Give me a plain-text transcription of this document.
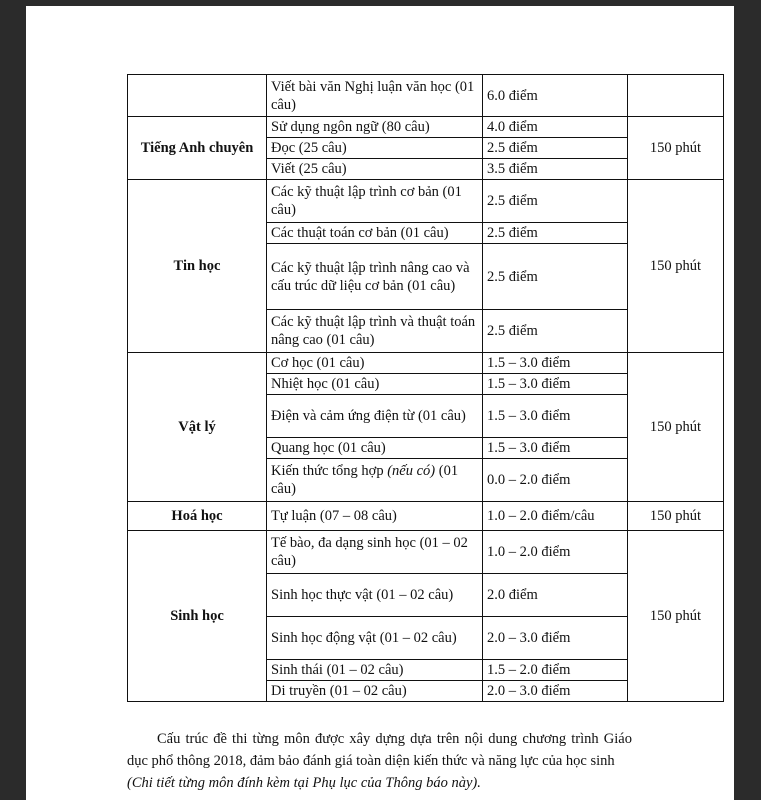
	Viết bài văn Nghị luận văn học (01 câu)	6.0 điểm	
Tiếng Anh chuyên	Sử dụng ngôn ngữ (80 câu)	4.0 điểm	150 phút
	Đọc (25 câu)	2.5 điểm	
	Viết (25 câu)	3.5 điểm	
Tin học	Các kỹ thuật lập trình cơ bản (01 câu)	2.5 điểm	150 phút
	Các thuật toán cơ bản (01 câu)	2.5 điểm	
	Các kỹ thuật lập trình nâng cao và cấu trúc dữ liệu cơ bản (01 câu)	2.5 điểm	
	Các kỹ thuật lập trình và thuật toán nâng cao (01 câu)	2.5 điểm	
Vật lý	Cơ học (01 câu)	1.5 – 3.0 điểm	150 phút
	Nhiệt học (01 câu)	1.5 – 3.0 điểm	
	Điện và cảm ứng điện từ (01 câu)	1.5 – 3.0 điểm	
	Quang học (01 câu)	1.5 – 3.0 điểm	
	Kiến thức tổng hợp (nếu có) (01 câu)	0.0 – 2.0 điểm	
Hoá học	Tự luận (07 – 08 câu)	1.0 – 2.0 điểm/câu	150 phút
Sinh học	Tế bào, đa dạng sinh học (01 – 02 câu)	1.0 – 2.0 điểm	150 phút
	Sinh học thực vật (01 – 02 câu)	2.0 điểm	
	Sinh học động vật (01 – 02 câu)	2.0 – 3.0 điểm	
	Sinh thái (01 – 02 câu)	1.5 – 2.0 điểm	
	Di truyền (01 – 02 câu)	2.0 – 3.0 điểm	

Cấu trúc đề thi từng môn được xây dựng dựa trên nội dung chương trình Giáo dục phổ thông 2018, đảm bảo đánh giá toàn diện kiến thức và năng lực của học sinh

(Chi tiết từng môn đính kèm tại Phụ lục của Thông báo này).
